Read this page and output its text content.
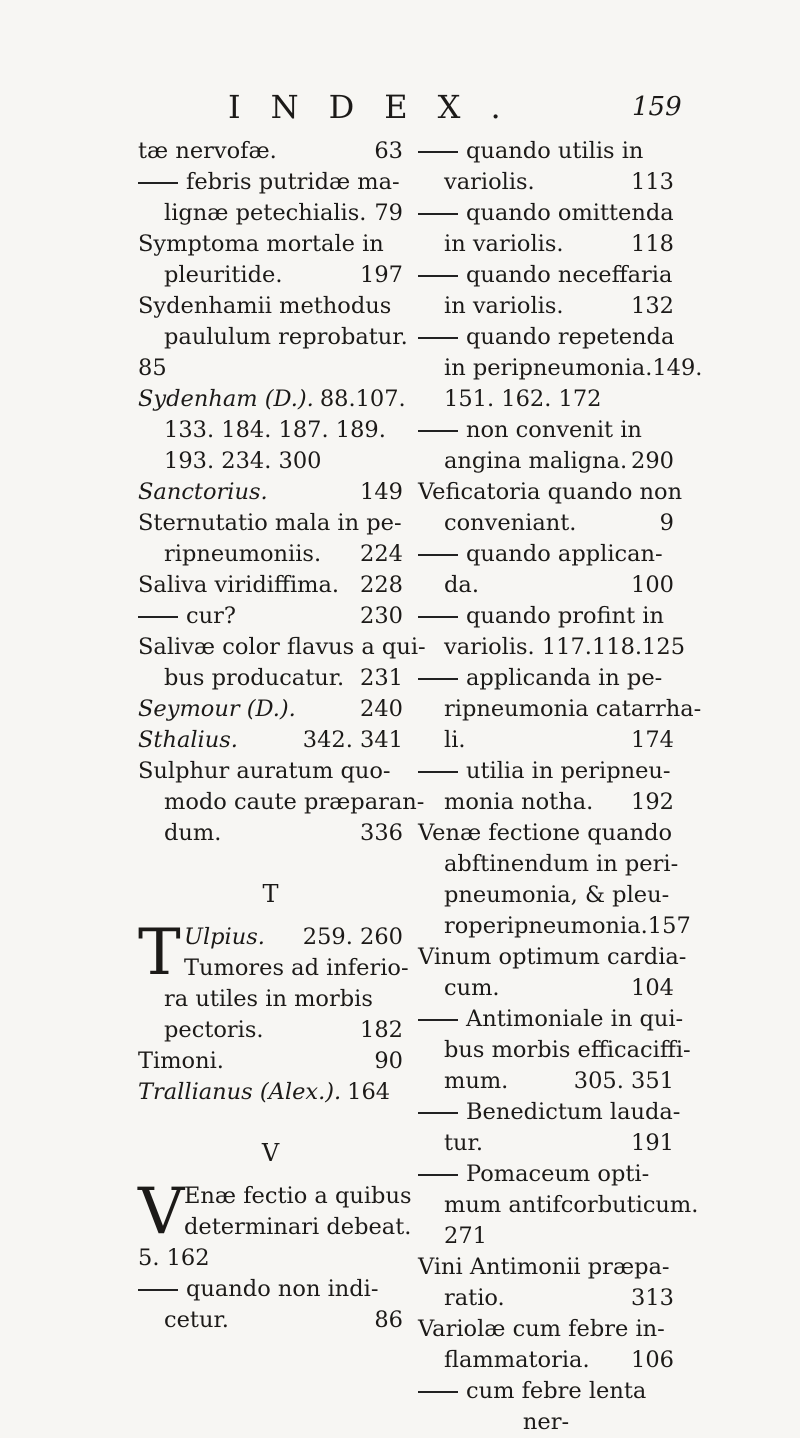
INDEX.	159
tæ nervofæ.	63
febris putridæ ma-
lignæ petechialis. 79
Symptoma mortale in
pleuritide.	197
Sydenhamii methodus
paululum reprobatur.
85
Sydenham (D.). 88.107.
133. 184. 187. 189.
193. 234. 300
Sanctorius.	149
Sternutatio mala in pe-
ripneumoniis. 224
Saliva viridiffima. 228
cur?	230
Salivæ color flavus a qui-
bus producatur. 231
Seymour (D.).	240
Sthalius.	342. 341
Sulphur auratum quo-
modo caute præparan-
dum.	336
T
T Ulpius. 259. 260
Tumores ad inferio-
ra utiles in morbis
pectoris.	182
Timoni.	90
Trallianus (Alex.). 164
V
V Enæ fectio a quibus
determinari debeat.
5. 162
quando non indi-
cetur.	86
quando utilis in
variolis.	113
quando omittenda
in variolis.	118
quando neceffaria
in variolis.	132
quando repetenda
in peripneumonia.149.
151. 162. 172
non convenit in
angina maligna. 290
Veficatoria quando non
conveniant.	9
quando applican-
da.	100
quando profint in
variolis. 117.118.125
applicanda in pe-
ripneumonia catarrha-
li.	174
utilia in peripneu-
monia notha. 192
Venæ fectione quando
abftinendum in peri-
pneumonia, & pleu-
roperipneumonia.157
Vinum optimum cardia-
cum.	104
Antimoniale in qui-
bus morbis efficaciffi-
mum.	305. 351
Benedictum lauda-
tur.	191
Pomaceum opti-
mum antifcorbuticum.
271
Vini Antimonii præpa-
ratio.	313
Variolæ cum febre in-
flammatoria. 106
cum febre lenta
ner-
